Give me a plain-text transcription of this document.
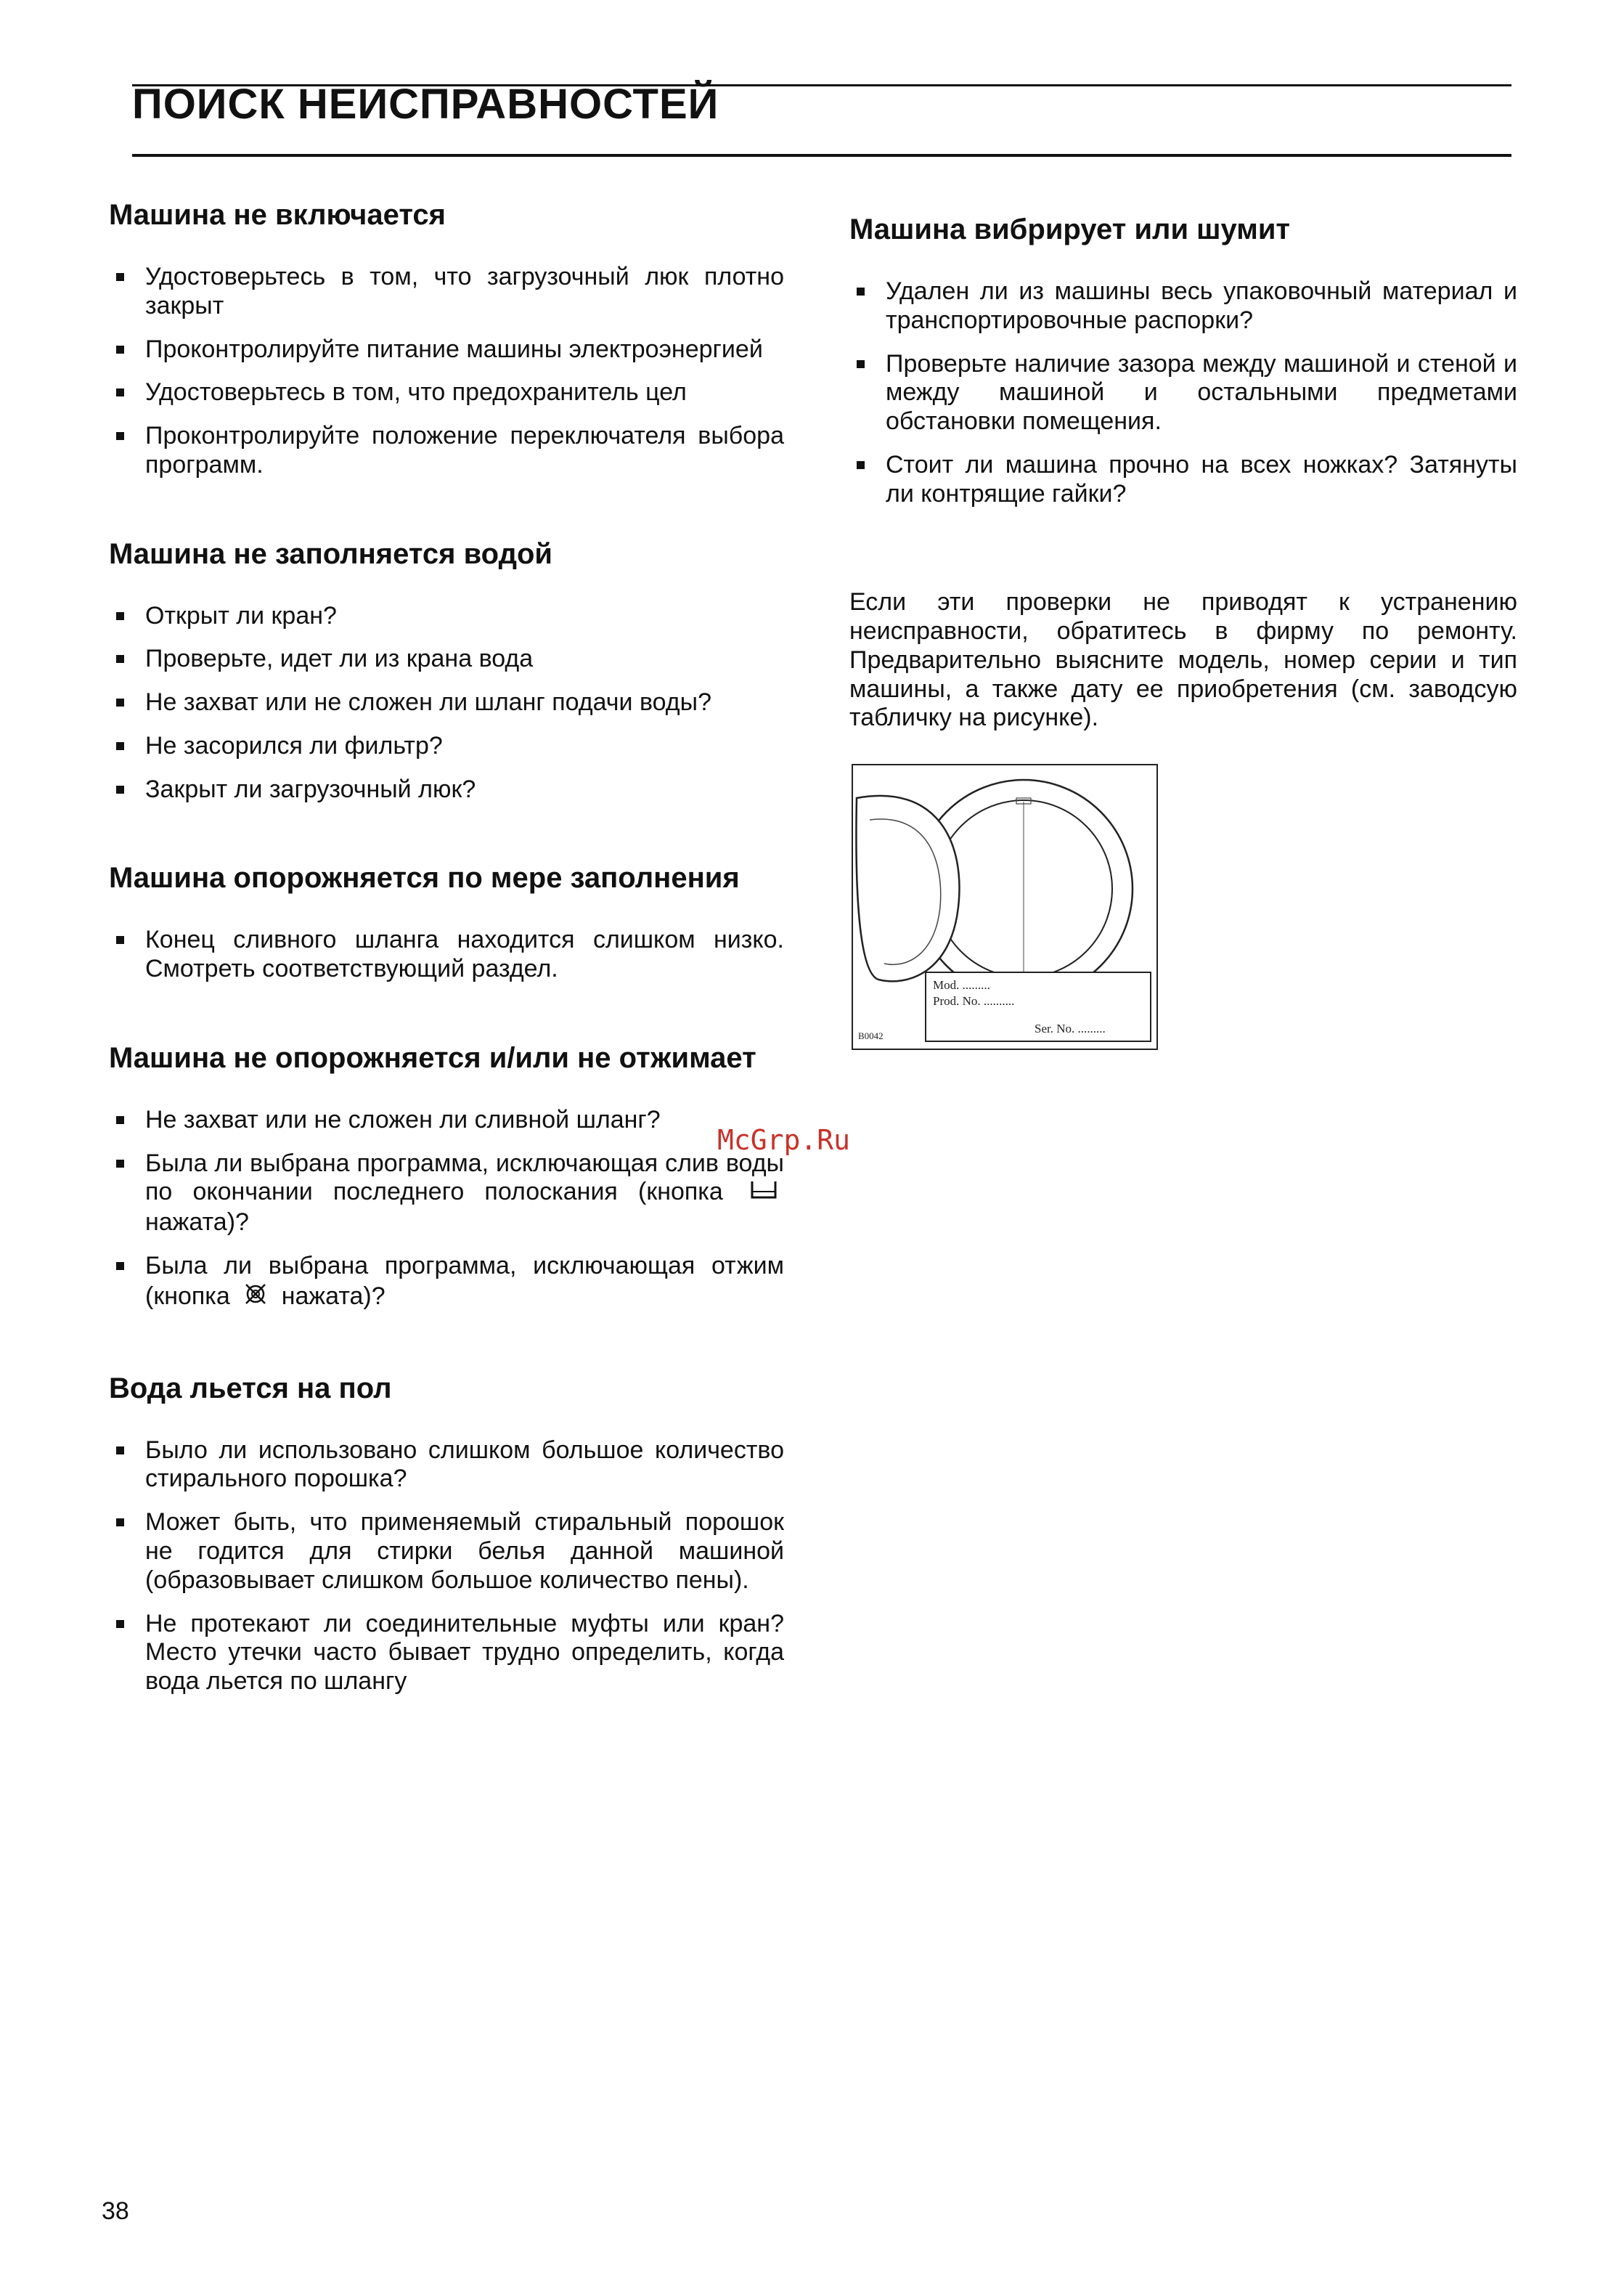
ПОИСК НЕИСПРАВНОСТЕЙ
Машина не включается
Удостоверьтесь в том, что загрузочный люк плотно закрыт
Проконтролируйте питание машины электроэнергией
Удостоверьтесь в том, что предохранитель цел
Проконтролируйте положение переключателя выбора программ.
Машина не заполняется водой
Открыт ли кран?
Проверьте, идет ли из крана вода
Не захват или не сложен ли шланг подачи воды?
Не засорился ли фильтр?
Закрыт ли загрузочный люк?
Машина опорожняется по мере заполнения
Конец сливного шланга находится слишком низко. Смотреть соответствующий раздел.
Машина не опорожняется и/или не отжимает
Не захват или не сложен ли сливной шланг?
Была ли выбрана программа, исключающая слив воды по окончании последнего полоскания (кнопка  нажата)?
Была ли выбрана программа, исключающая отжим (кнопка нажата)?
Вода льется на пол
Было ли использовано слишком большое количество стирального порошка?
Может быть, что применяемый стиральный порошок не годится для стирки белья данной машиной (образовывает слишком большое количество пены).
Не протекают ли соединительные муфты или кран? Место утечки часто бывает трудно определить, когда вода льется по шлангу
Машина вибрирует или шумит
Удален ли из машины весь упаковочный материал и транспортировочные распорки?
Проверьте наличие зазора между машиной и стеной и между машиной и остальными предметами обстановки помещения.
Стоит ли машина прочно на всех ножках? Затянуты ли контрящие гайки?

Если эти проверки не приводят к устранению неисправности, обратитесь в фирму по ремонту. Предварительно выясните модель, номер серии и тип машины, а также дату ее приобретения (см. заводсую табличку на рисунке).

Mod. .........
Prod. No. ..........
Ser. No. .........
B0042
McGrp.Ru
38
